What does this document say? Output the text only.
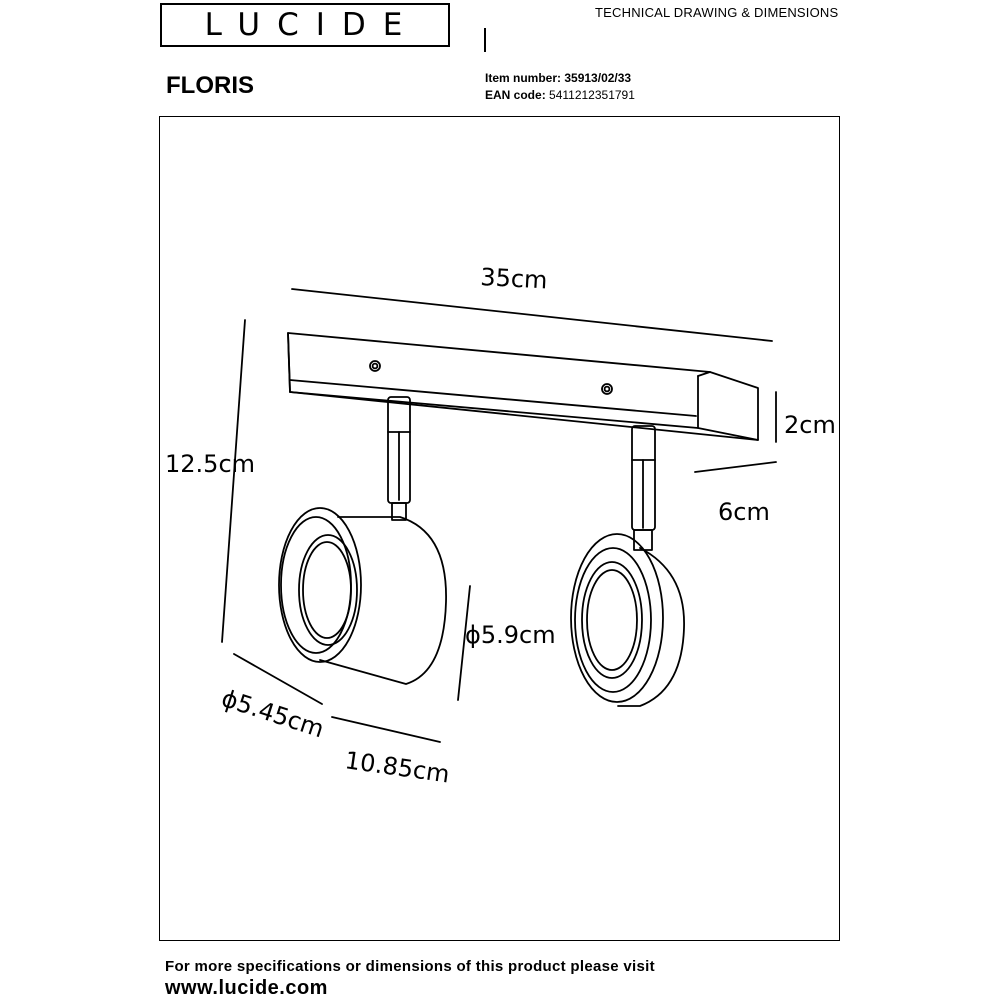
LUCIDE	TECHNICAL DRAWING & DIMENSIONS
FLORIS	Item number: 35913/02/33
EAN code: 5411212351791
35cm
12.5cm
2cm
6cm
ϕ5.9cm
ϕ5.45cm
10.85cm
For more specifications or dimensions of this product please visit
www.lucide.com
